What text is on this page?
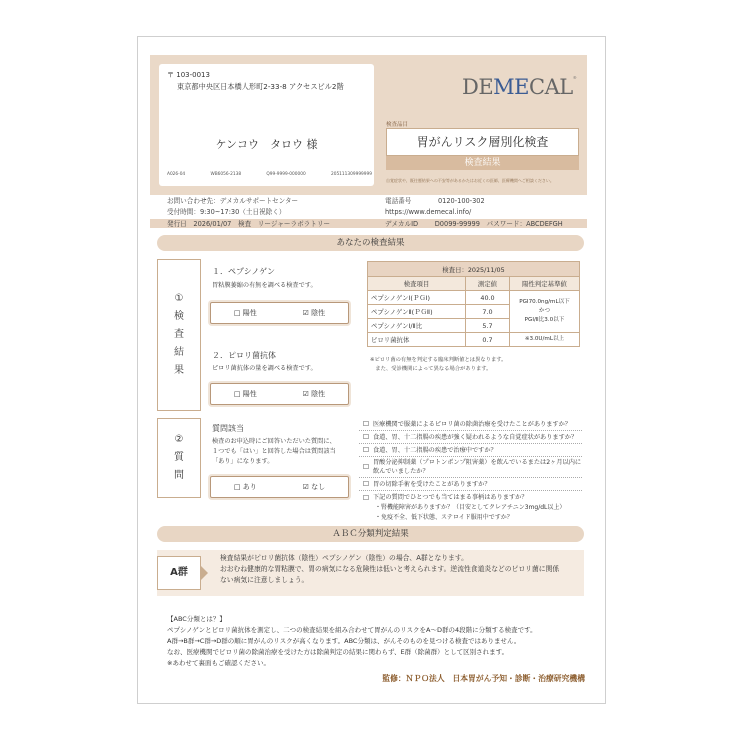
〒 103-0013
東京都中央区日本橋人形町2-33-8 アクセスビル2階
ケンコウ　タロウ 様
A026-04	WB6056-2138	Q99-9999-000000	205111309999999
DEMECAL®
検査品目
胃がんリスク層別化検査
検査結果
自覚症状や、既往歴結果への不安等があるかたはお近くの医師、医療機関へご相談ください。
お問い合わせ先：デメカルサポートセンター	電話番号　	0120-100-302
受付時間：9:30~17:30（土日祝除く）	https://www.demecal.info/
発行日　 2026/01/07　 検査　 リージャーラボラトリー	デメカルID　	D0099-99999　 パスワード：ABCDEFGH
あなたの検査結果
①
検
査
結
果
１．ペプシノゲン
胃粘膜萎縮の有無を調べる検査です。
□ 陽性	☑ 陰性
２．ピロリ菌抗体
ピロリ菌抗体の量を調べる検査です。
□ 陽性	☑ 陰性
検査日：2025/11/05		
検査項目	測定値	陽性判定基準値
ペプシノゲンⅠ(ＰＧⅠ)	40.0	PGⅠ70.0ng/mL以下
かつ
PGⅠ/Ⅱ比3.0以下

ペプシノゲンⅡ(ＰＧⅡ)	7.0	
ペプシノゲンⅠ/Ⅱ比	5.7	
ピロリ菌抗体	0.7	※3.0U/mL以上
※ピロリ菌の有無を判定する臨床判断値とは異なります。
　また、受診機関によって異なる場合があります。
②
質
問
質問該当
検査のお申込時にご回答いただいた質問に、
１つでも「はい」と回答した場合は質問該当
「あり」になります。
□ あり	☑ なし
☐ 医療機関で服薬によるピロリ菌の除菌治療を受けたことがありますか？
☐ 食道、胃、十二指腸の疾患が強く疑われるような自覚症状がありますか？
☐ 食道、胃、十二指腸の疾患で治療中ですか？
☐
胃酸分泌抑制薬（プロトンポンプ阻害薬）を飲んでいるまたは2ヶ月以内に飲んでいましたか？
☐ 胃の切除手術を受けたことがありますか？
☐ 下記の質問でひとつでも当てはまる事柄はありますか？
・腎機能障害がありますか？（目安としてクレアチニン3mg/dL以上）
・免疫不全、低下状態、ステロイド服用中ですか？
ＡＢＣ分類判定結果
A群
検査結果がピロリ菌抗体（陰性）ペプシノゲン（陰性）の場合、A群となります。
おおむね健康的な胃粘膜で、胃の病気になる危険性は低いと考えられます。逆流性食道炎などのピロリ菌に関係
ない病気に注意しましょう。
【ABC分類とは？】
ペプシノゲンとピロリ菌抗体を測定し、二つの検査結果を組み合わせて胃がんのリスクをA～D群の4段階に分類する検査です。
A群→B群→C群→D群の順に胃がんのリスクが高くなります。ABC分類は、がんそのものを見つける検査ではありません。
なお、医療機関でピロリ菌の除菌治療を受けた方は除菌判定の結果に関わらず、E群（除菌群）として区別されます。
※あわせて裏面もご確認ください。
監修：ＮＰＯ法人　日本胃がん予知・診断・治療研究機構
